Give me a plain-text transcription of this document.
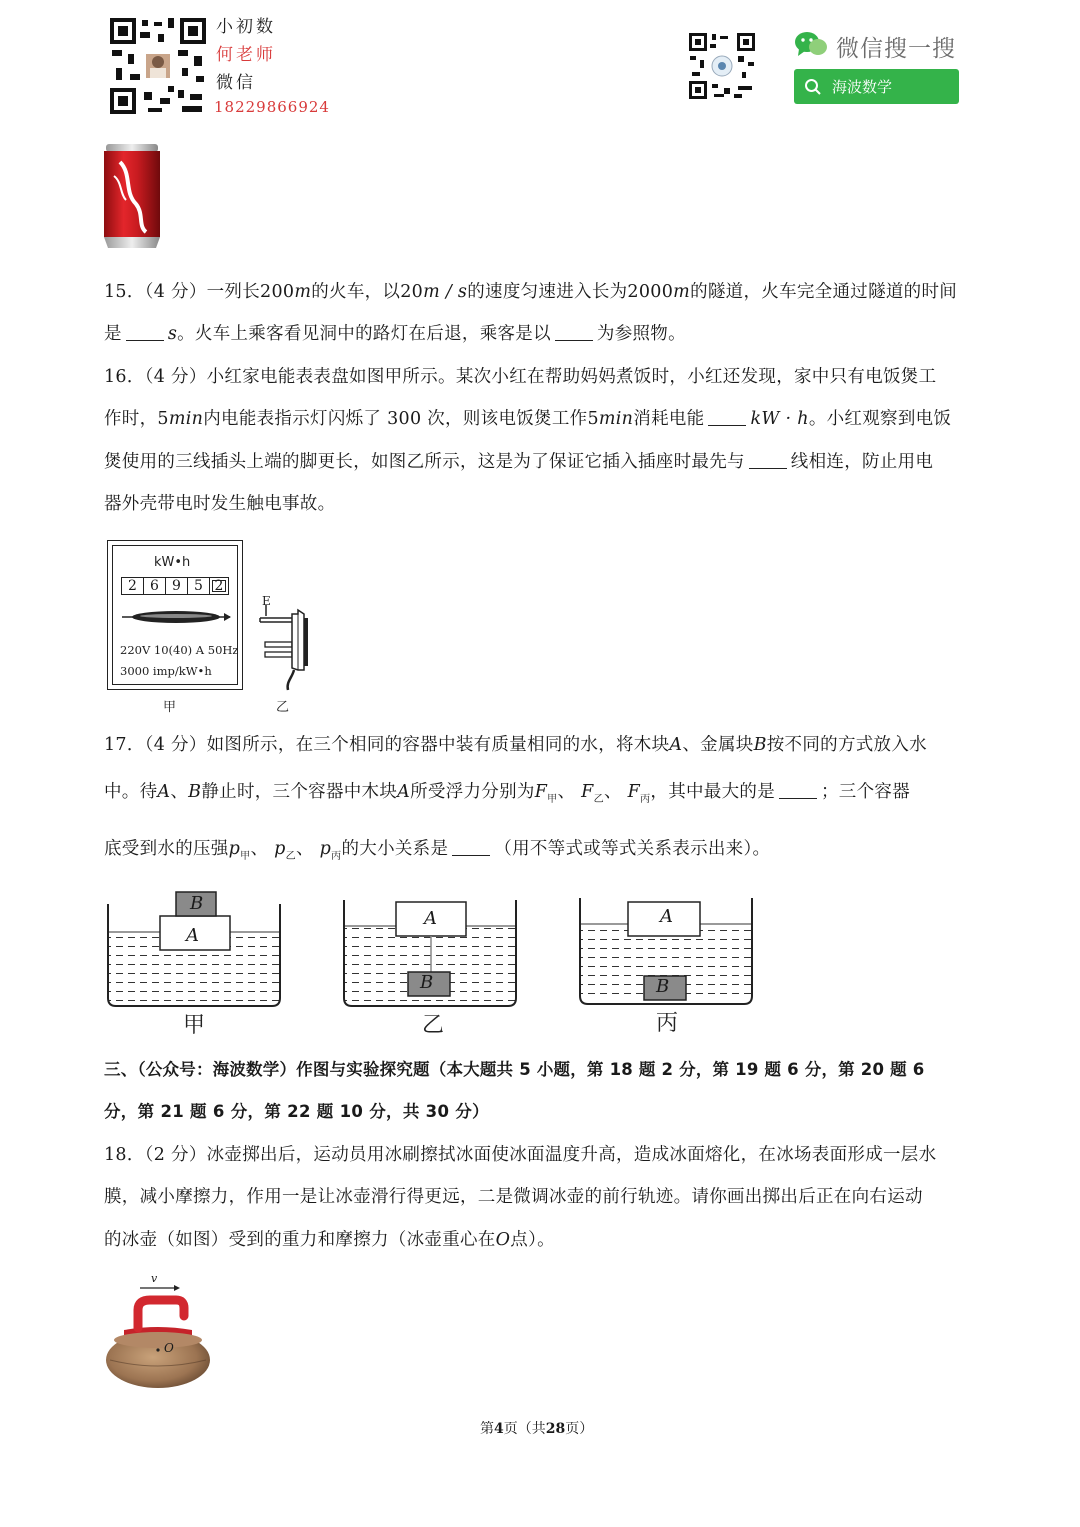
小初数
何老师
微信
18229866924
微信搜一搜
海波数学
15．（4 分）一列长200m的火车，以20m / s的速度匀速进入长为2000m的隧道，火车完全通过隧道的时间
是	s。火车上乘客看见洞中的路灯在后退，乘客是以	为参照物。
16．（4 分）小红家电能表表盘如图甲所示。某次小红在帮助妈妈煮饭时，小红还发现，家中只有电饭煲工
作时，5min内电能表指示灯闪烁了 300 次，则该电饭煲工作5min消耗电能	kW · h。小红观察到电饭
煲使用的三线插头上端的脚更长，如图乙所示，这是为了保证它插入插座时最先与	线相连，防止用电
器外壳带电时发生触电事故。
kW•h
2 6 9 5 2
220V 10(40) A 50Hz
3000 imp/kW•h
甲
E
乙
17．（4 分）如图所示，在三个相同的容器中装有质量相同的水，将木块A、金属块B按不同的方式放入水
中。待A、B静止时，三个容器中木块A所受浮力分别为$F_甲$、 $F_乙$、 $F_丙$，其中最大的是	；三个容器
底受到水的压强$p_甲$、 $p_乙$、 $p_丙$的大小关系是	（用不等式或等式关系表示出来）。
B
A
甲
A
B
乙
A
B
丙
三、（公众号：海波数学）作图与实验探究题（本大题共 5 小题，第 18 题 2 分，第 19 题 6 分，第 20 题 6
分，第 21 题 6 分，第 22 题 10 分，共 30 分）
18．（2 分）冰壶掷出后，运动员用冰刷擦拭冰面使冰面温度升高，造成冰面熔化，在冰场表面形成一层水
膜，减小摩擦力，作用一是让冰壶滑行得更远，二是微调冰壶的前行轨迹。请你画出掷出后正在向右运动
的冰壶（如图）受到的重力和摩擦力（冰壶重心在O点）。
v
O
第4页（共28页）
